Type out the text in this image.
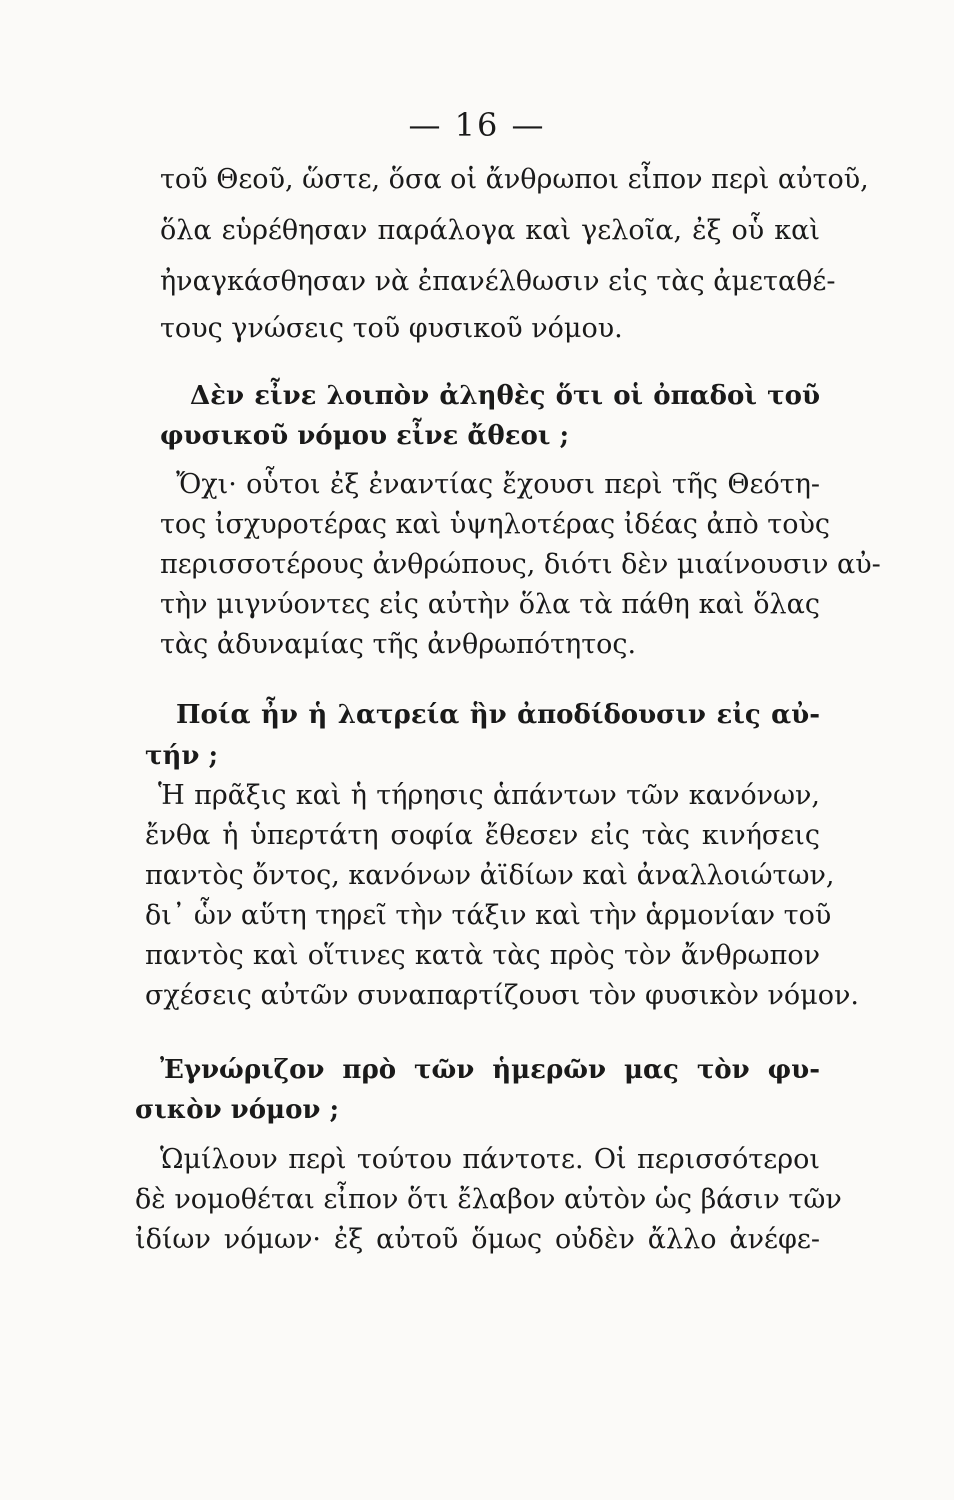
— 16 —
τοῦ Θεοῦ, ὥστε, ὅσα οἱ ἄνθρωποι εἶπον περὶ αὐτοῦ,
ὅλα εὑρέθησαν παράλογα καὶ γελοῖα, ἐξ οὗ καὶ
ἠναγκάσθησαν νὰ ἐπανέλθωσιν εἰς τὰς ἀμεταθέ-
τους γνώσεις τοῦ φυσικοῦ νόμου.
Δὲν εἶνε λοιπὸν ἀληθὲς ὅτι οἱ ὀπαδοὶ τοῦ
φυσικοῦ νόμου εἶνε ἄθεοι ;
Ὄχι· οὗτοι ἐξ ἐναντίας ἔχουσι περὶ τῆς Θεότη-
τος ἰσχυροτέρας καὶ ὑψηλοτέρας ἰδέας ἀπὸ τοὺς
περισσοτέρους ἀνθρώπους, διότι δὲν μιαίνουσιν αὐ-
τὴν μιγνύοντες εἰς αὐτὴν ὅλα τὰ πάθη καὶ ὅλας
τὰς ἀδυναμίας τῆς ἀνθρωπότητος.
Ποία ἦν ἡ λατρεία ἣν ἀποδίδουσιν εἰς αὐ-
τήν ;
Ἡ πρᾶξις καὶ ἡ τήρησις ἁπάντων τῶν κανόνων,
ἔνθα ἡ ὑπερτάτη σοφία ἔθεσεν εἰς τὰς κινήσεις
παντὸς ὄντος, κανόνων ἀϊδίων καὶ ἀναλλοιώτων,
δι᾽ ὧν αὕτη τηρεῖ τὴν τάξιν καὶ τὴν ἁρμονίαν τοῦ
παντὸς καὶ οἵτινες κατὰ τὰς πρὸς τὸν ἄνθρωπον
σχέσεις αὐτῶν συναπαρτίζουσι τὸν φυσικὸν νόμον.
Ἐγνώριζον πρὸ τῶν ἡμερῶν μας τὸν φυ-
σικὸν νόμον ;
Ὡμίλουν περὶ τούτου πάντοτε. Οἱ περισσότεροι
δὲ νομοθέται εἶπον ὅτι ἔλαβον αὐτὸν ὡς βάσιν τῶν
ἰδίων νόμων· ἐξ αὐτοῦ ὅμως οὐδὲν ἄλλο ἀνέφε-
